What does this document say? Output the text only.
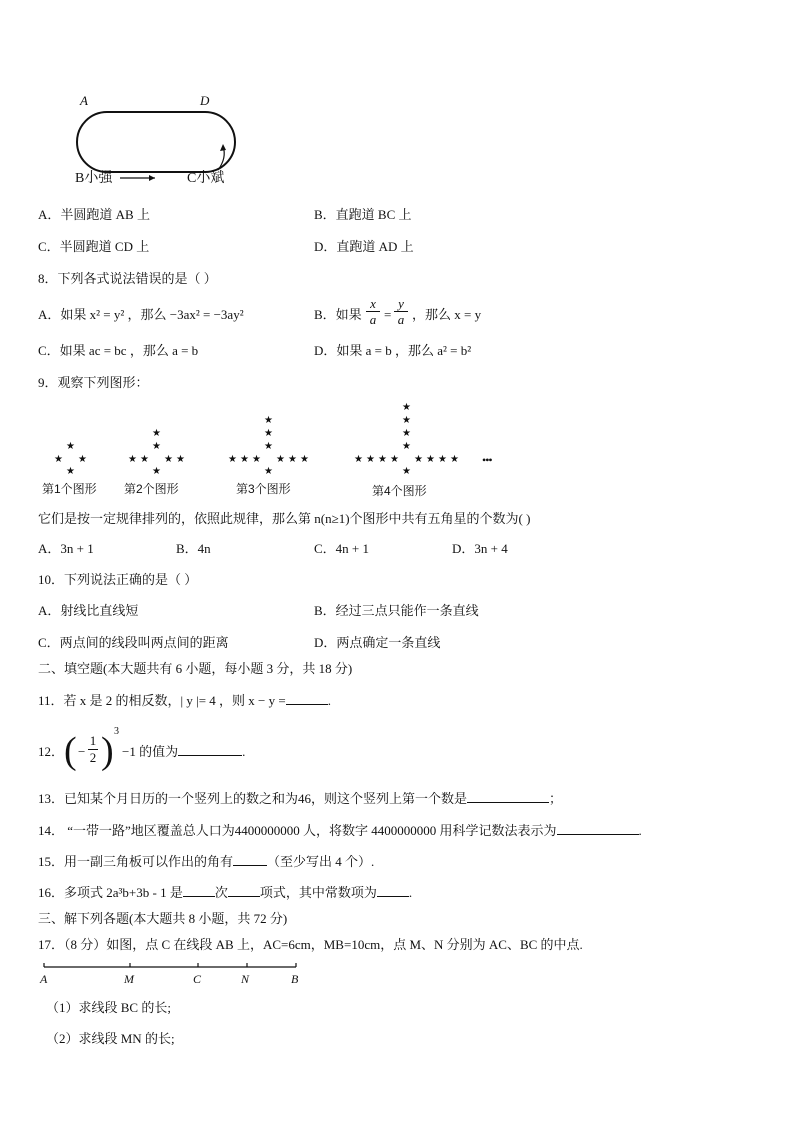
A	D
B小强	C小斌
A．半圆跑道 AB 上	B．直跑道 BC 上
C．半圆跑道 CD 上	D．直跑道 AD 上
8．下列各式说法错误的是（ ）
A．如果 x² = y² ，那么 −3ax² = −3ay²	B．如果
x
a =
y
a ，那么 x = y
C．如果 ac = bc ，那么 a = b	D．如果 a = b ，那么 a² = b²
9．观察下列图形：
★
★ ★
★
★
★
★ ★ ★ ★
★
★
★
★
★ ★ ★ ★ ★ ★
★
★
★
★
★
★ ★ ★ ★ ★ ★ ★ ★
★
•••
第1个图形 第2个图形	第3个图形	第4个图形
它们是按一定规律排列的，依照此规律，那么第 n(n≥1)个图形中共有五角星的个数为( )
A．3n + 1	B．4n	C．4n + 1	D．3n + 4
10．下列说法正确的是（ ）
A．射线比直线短	B．经过三点只能作一条直线
C．两点间的线段叫两点间的距离	D．两点确定一条直线
二、填空题(本大题共有 6 小题，每小题 3 分，共 18 分)
11．若 x 是 2 的相反数，| y |= 4 ，则 x − y =	.
12． ( −
1
2 ) 3
−1 的值为	.
13．已知某个月日历的一个竖列上的数之和为46，则这个竖列上第一个数是	；
14． “一带一路”地区覆盖总人口为4400000000 人，将数字 4400000000 用科学记数法表示为	.
15．用一副三角板可以作出的角有	（至少写出 4 个）.
16．多项式 2a³b+3b - 1 是 次 项式，其中常数项为 .
三、解下列各题(本大题共 8 小题，共 72 分)
17．（8 分）如图，点 C 在线段 AB 上，AC=6cm，MB=10cm，点 M、N 分别为 AC、BC 的中点.
A	M	C	N	B
（1）求线段 BC 的长;
（2）求线段 MN 的长;
